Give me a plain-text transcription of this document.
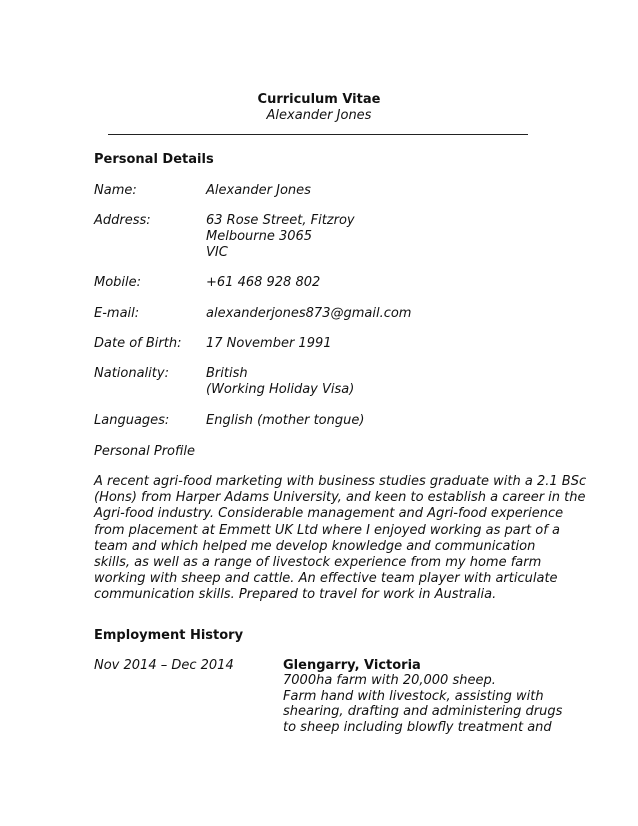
Curriculum Vitae
Alexander Jones
Personal Details
Name:	Alexander Jones
Address:	63 Rose Street, Fitzroy
Melbourne 3065
VIC
Mobile:	+61 468 928 802
E-mail:	alexanderjones873@gmail.com
Date of Birth: 17 November 1991
Nationality:	British
(Working Holiday Visa)
Languages:	English (mother tongue)
Personal Profile
A recent agri-food marketing with business studies graduate with a 2.1 BSc
(Hons) from Harper Adams University, and keen to establish a career in the
Agri-food industry. Considerable management and Agri-food experience
from placement at Emmett UK Ltd where I enjoyed working as part of a
team and which helped me develop knowledge and communication
skills, as well as a range of livestock experience from my home farm
working with sheep and cattle. An effective team player with articulate
communication skills. Prepared to travel for work in Australia.
Employment History
Nov 2014 – Dec 2014	Glengarry, Victoria
7000ha farm with 20,000 sheep.
Farm hand with livestock, assisting with
shearing, drafting and administering drugs
to sheep including blowfly treatment and
